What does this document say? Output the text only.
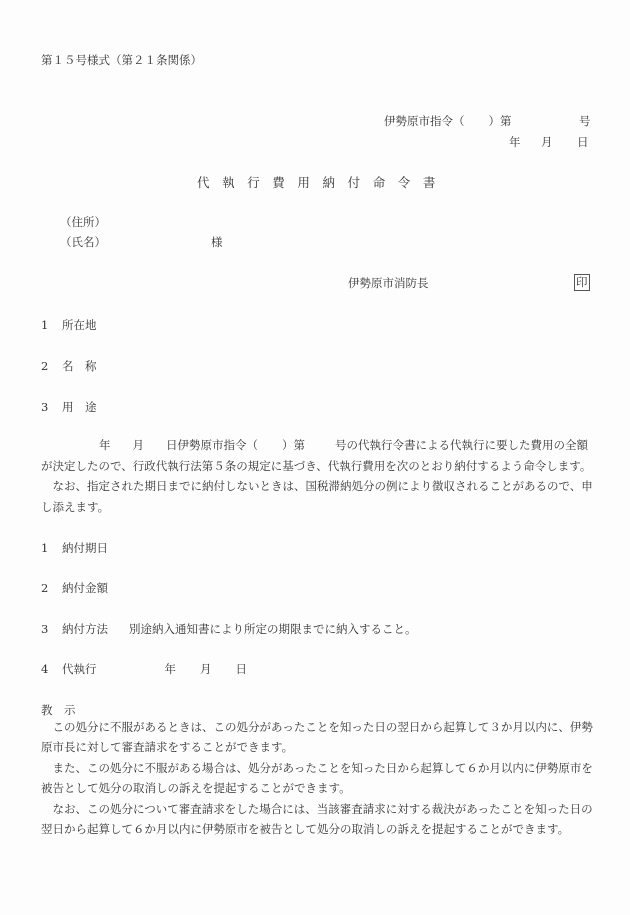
第１５号様式（第２１条関係）
伊勢原市指令（ ）第	号
年 月 日
代執行費用納付命令書
（住所）
（氏名）	様
伊勢原市消防長	印
1 所在地
2 名　称
3 用　途
年 月 日伊勢原市指令（ ）第	号の代執行令書による代執行に要した費用の全額
が決定したので、行政代執行法第５条の規定に基づき、代執行費用を次のとおり納付するよう命令します。

　なお、指定された期日までに納付しないときは、国税滞納処分の例により徴収されることがあるので、申し添えます。

1 納付期日
2 納付金額
3 納付方法 別途納入通知書により所定の期限までに納入すること。
4 代執行	年 月 日
教　示

この処分に不服があるときは、この処分があったことを知った日の翌日から起算して３か月以内に、伊勢原市長に対して審査請求をすることができます。

また、この処分に不服がある場合は、処分があったことを知った日から起算して６か月以内に伊勢原市を被告として処分の取消しの訴えを提起することができます。

なお、この処分について審査請求をした場合には、当該審査請求に対する裁決があったことを知った日の翌日から起算して６か月以内に伊勢原市を被告として処分の取消しの訴えを提起することができます。
